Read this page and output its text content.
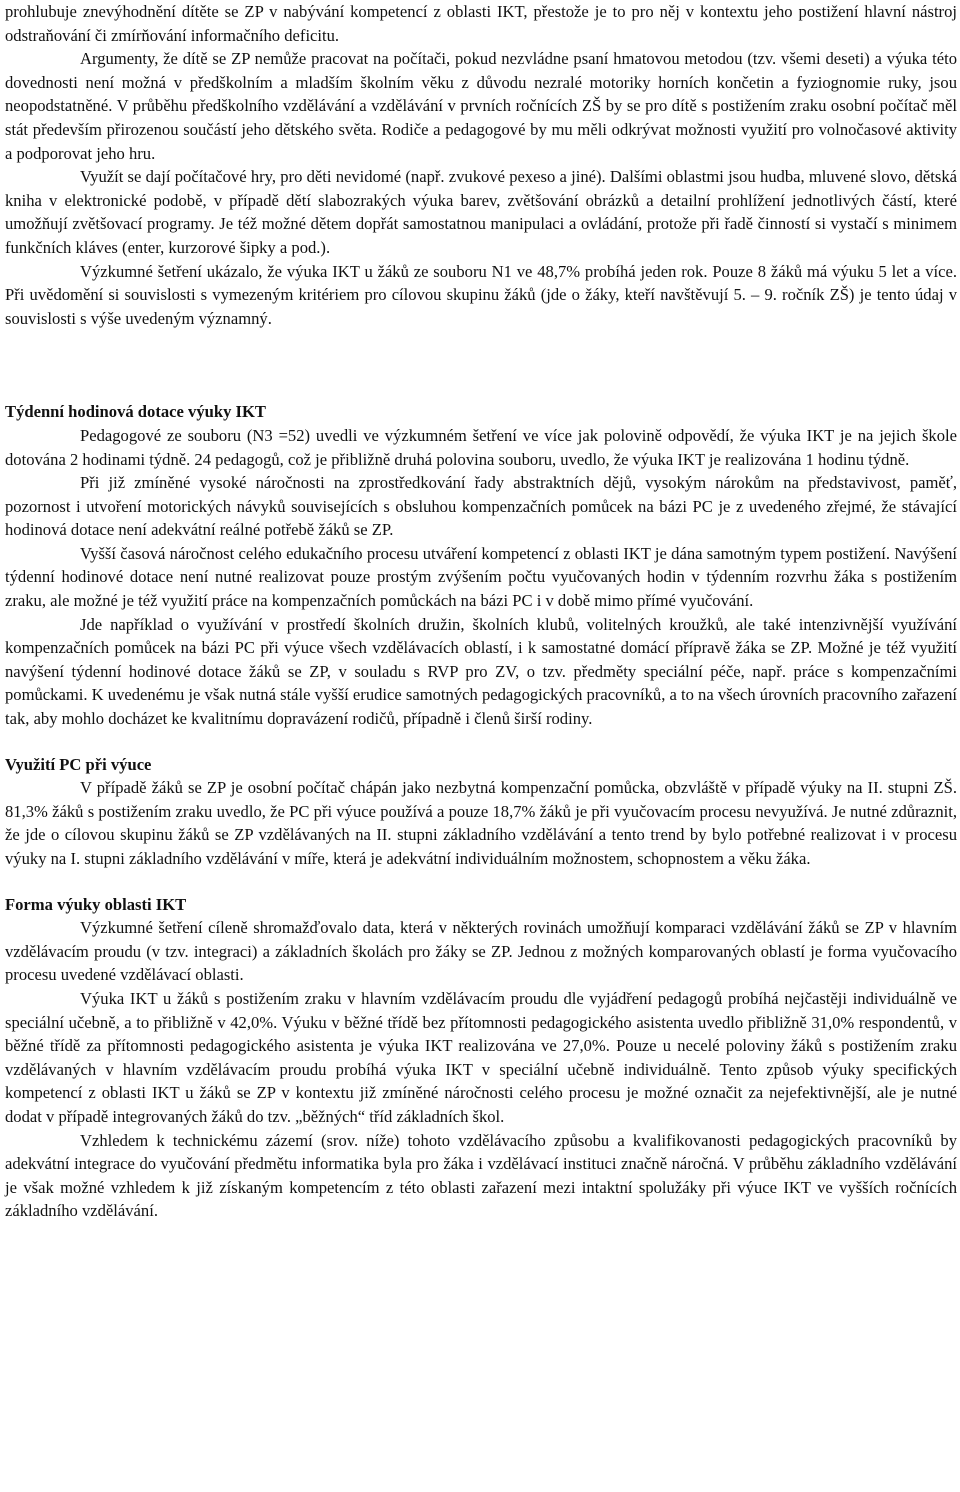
prohlubuje znevýhodnění dítěte se ZP v nabývání kompetencí z oblasti IKT, přestože je to pro něj v kontextu jeho postižení hlavní nástroj odstraňování či zmírňování informačního deficitu.

Argumenty, že dítě se ZP nemůže pracovat na počítači, pokud nezvládne psaní hmatovou metodou (tzv. všemi deseti) a výuka této dovednosti není možná v předškolním a mladším školním věku z důvodu nezralé motoriky horních končetin a fyziognomie ruky, jsou neopodstatněné. V průběhu předškolního vzdělávání a vzdělávání v prvních ročnících ZŠ by se pro dítě s postižením zraku osobní počítač měl stát především přirozenou součástí jeho dětského světa. Rodiče a pedagogové by mu měli odkrývat možnosti využití pro volnočasové aktivity a podporovat jeho hru.

Využít se dají počítačové hry, pro děti nevidomé (např. zvukové pexeso a jiné). Dalšími oblastmi jsou hudba, mluvené slovo, dětská kniha v elektronické podobě, v případě dětí slabozrakých výuka barev, zvětšování obrázků a detailní prohlížení jednotlivých částí, které umožňují zvětšovací programy. Je též možné dětem dopřát samostatnou manipulaci a ovládání, protože při řadě činností si vystačí s minimem funkčních kláves (enter, kurzorové šipky a pod.).

Výzkumné šetření ukázalo, že výuka IKT u žáků ze souboru N1 ve 48,7% probíhá jeden rok. Pouze 8 žáků má výuku 5 let a více. Při uvědomění si souvislosti s vymezeným kritériem pro cílovou skupinu žáků (jde o žáky, kteří navštěvují 5. – 9. ročník ZŠ) je tento údaj v souvislosti s výše uvedeným významný.

Týdenní hodinová dotace výuky IKT

Pedagogové ze souboru (N3 =52) uvedli ve výzkumném šetření ve více jak polovině odpovědí, že výuka IKT je na jejich škole dotována 2 hodinami týdně. 24 pedagogů, což je přibližně druhá polovina souboru, uvedlo, že výuka IKT je realizována 1 hodinu týdně.

Při již zmíněné vysoké náročnosti na zprostředkování řady abstraktních dějů, vysokým nárokům na představivost, paměť, pozornost i utvoření motorických návyků souvisejících s obsluhou kompenzačních pomůcek na bázi PC je z uvedeného zřejmé, že stávající hodinová dotace není adekvátní reálné potřebě žáků se ZP.

Vyšší časová náročnost celého edukačního procesu utváření kompetencí z oblasti IKT je dána samotným typem postižení. Navýšení týdenní hodinové dotace není nutné realizovat pouze prostým zvýšením počtu vyučovaných hodin v týdenním rozvrhu žáka s postižením zraku, ale možné je též využití práce na kompenzačních pomůckách na bázi PC i v době mimo přímé vyučování.

Jde například o využívání v prostředí školních družin, školních klubů, volitelných kroužků, ale také intenzivnější využívání kompenzačních pomůcek na bázi PC při výuce všech vzdělávacích oblastí, i k samostatné domácí přípravě žáka se ZP. Možné je též využití navýšení týdenní hodinové dotace žáků se ZP, v souladu s RVP pro ZV, o tzv. předměty speciální péče, např. práce s kompenzačními pomůckami. K uvedenému je však nutná stále vyšší erudice samotných pedagogických pracovníků, a to na všech úrovních pracovního zařazení tak, aby mohlo docházet ke kvalitnímu dopravázení rodičů, případně i členů širší rodiny.

Využití PC při výuce

V případě žáků se ZP je osobní počítač chápán jako nezbytná kompenzační pomůcka, obzvláště v případě výuky na II. stupni ZŠ. 81,3% žáků s postižením zraku uvedlo, že PC při výuce používá a pouze 18,7% žáků je při vyučovacím procesu nevyužívá. Je nutné zdůraznit, že jde o cílovou skupinu žáků se ZP vzdělávaných na II. stupni základního vzdělávání a tento trend by bylo potřebné realizovat i v procesu výuky na I. stupni základního vzdělávání v míře, která je adekvátní individuálním možnostem, schopnostem a věku žáka.

Forma výuky oblasti IKT

Výzkumné šetření cíleně shromažďovalo data, která v některých rovinách umožňují komparaci vzdělávání žáků se ZP v hlavním vzdělávacím proudu (v tzv. integraci) a základních školách pro žáky se ZP. Jednou z možných komparovaných oblastí je forma vyučovacího procesu uvedené vzdělávací oblasti.

Výuka IKT u žáků s postižením zraku v hlavním vzdělávacím proudu dle vyjádření pedagogů probíhá nejčastěji individuálně ve speciální učebně, a to přibližně v 42,0%. Výuku v běžné třídě bez přítomnosti pedagogického asistenta uvedlo přibližně 31,0% respondentů, v běžné třídě za přítomnosti pedagogického asistenta je výuka IKT realizována ve 27,0%. Pouze u necelé poloviny žáků s postižením zraku vzdělávaných v hlavním vzdělávacím proudu probíhá výuka IKT v speciální učebně individuálně. Tento způsob výuky specifických kompetencí z oblasti IKT u žáků se ZP v kontextu již zmíněné náročnosti celého procesu je možné označit za nejefektivnější, ale je nutné dodat v případě integrovaných žáků do tzv. „běžných“ tříd základních škol.

Vzhledem k technickému zázemí (srov. níže) tohoto vzdělávacího způsobu a kvalifikovanosti pedagogických pracovníků by adekvátní integrace do vyučování předmětu informatika byla pro žáka i vzdělávací instituci značně náročná. V průběhu základního vzdělávání je však možné vzhledem k již získaným kompetencím z této oblasti zařazení mezi intaktní spolužáky při výuce IKT ve vyšších ročnících základního vzdělávání.
